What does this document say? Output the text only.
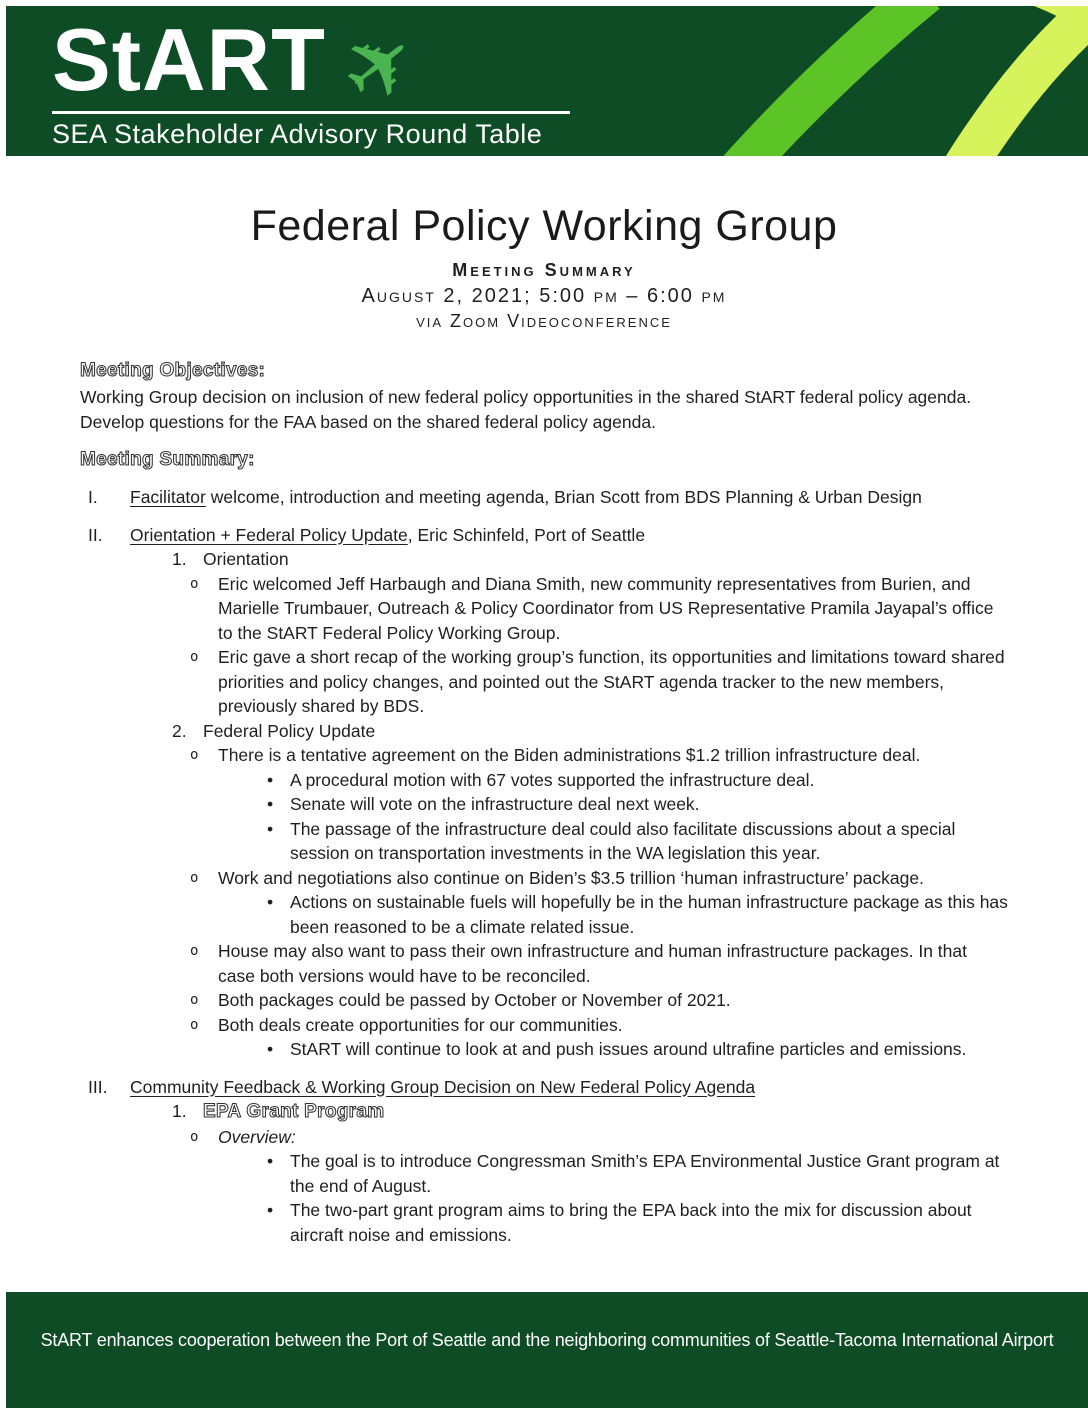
StART
✈
SEA Stakeholder Advisory Round Table
Federal Policy Working Group
Meeting Summary
August 2, 2021; 5:00 pm – 6:00 pm
via Zoom Videoconference
Meeting Objectives:
Working Group decision on inclusion of new federal policy opportunities in the shared StART federal policy agenda.
Develop questions for the FAA based on the shared federal policy agenda.
Meeting Summary:
I.	Facilitator welcome, introduction and meeting agenda, Brian Scott from BDS Planning & Urban Design
II.	Orientation + Federal Policy Update, Eric Schinfeld, Port of Seattle
1. Orientation
o	Eric welcomed Jeff Harbaugh and Diana Smith, new community representatives from Burien, and Marielle Trumbauer, Outreach & Policy Coordinator from US Representative Pramila Jayapal’s office to the StART Federal Policy Working Group.
o	Eric gave a short recap of the working group’s function, its opportunities and limitations toward shared priorities and policy changes, and pointed out the StART agenda tracker to the new members, previously shared by BDS.
2. Federal Policy Update
o	There is a tentative agreement on the Biden administrations $1.2 trillion infrastructure deal.
• A procedural motion with 67 votes supported the infrastructure deal.
• Senate will vote on the infrastructure deal next week.
• The passage of the infrastructure deal could also facilitate discussions about a special session on transportation investments in the WA legislation this year.
o	Work and negotiations also continue on Biden’s $3.5 trillion ‘human infrastructure’ package.
• Actions on sustainable fuels will hopefully be in the human infrastructure package as this has been reasoned to be a climate related issue.
o	House may also want to pass their own infrastructure and human infrastructure packages. In that case both versions would have to be reconciled.
o	Both packages could be passed by October or November of 2021.
o	Both deals create opportunities for our communities.
• StART will continue to look at and push issues around ultrafine particles and emissions.
III.	Community Feedback & Working Group Decision on New Federal Policy Agenda
1. EPA Grant Program
o	Overview:
• The goal is to introduce Congressman Smith’s EPA Environmental Justice Grant program at the end of August.
• The two-part grant program aims to bring the EPA back into the mix for discussion about aircraft noise and emissions.
StART enhances cooperation between the Port of Seattle and the neighboring communities of Seattle-Tacoma International Airport
